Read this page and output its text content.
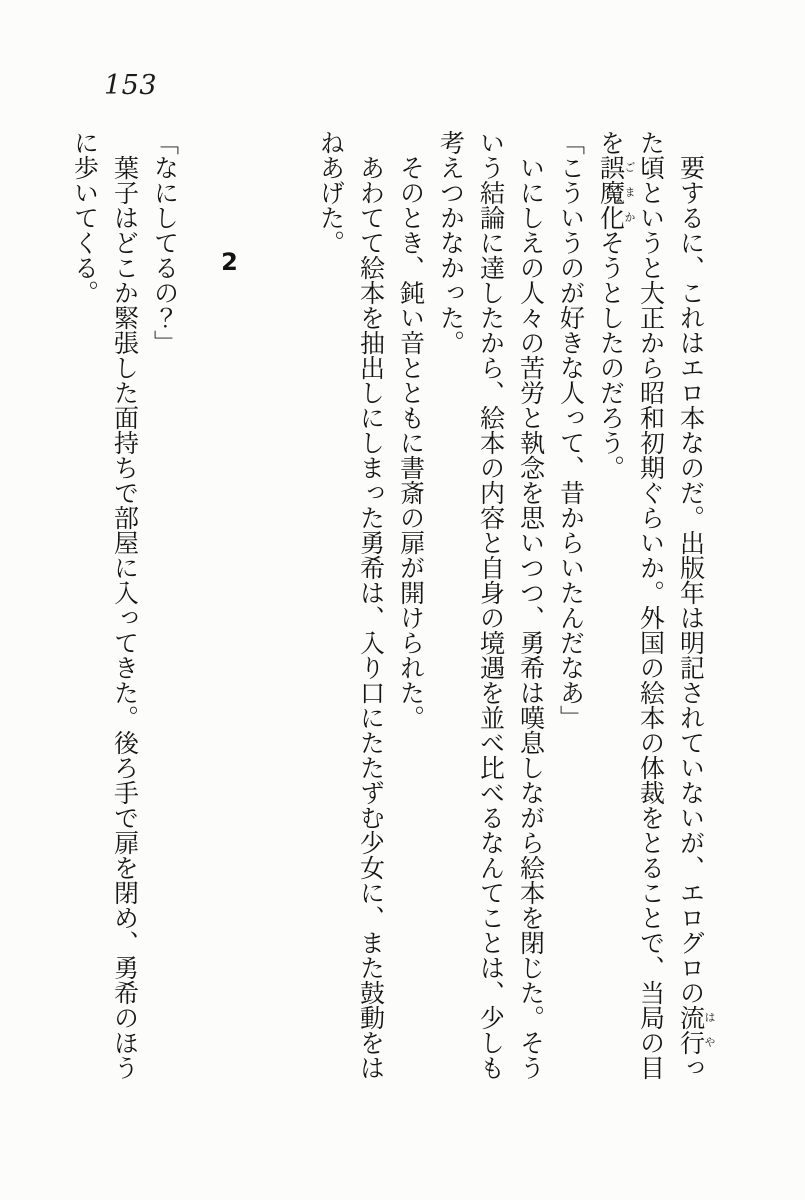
153

要するに、これはエロ本なのだ。出版年は明記されていないが、エログロの流行 はやった頃というと大正から昭和初期ぐらいか。外国の絵本の体裁をとることで、当局の目を誤魔化 ごまかそうとしたのだろう。

「こういうのが好きな人って、昔からいたんだなあ」

いにしえの人々の苦労と執念を思いつつ、勇希は嘆息しながら絵本を閉じた。そういう結論に達したから、絵本の内容と自身の境遇を並べ比べるなんてことは、少しも考えつかなかった。

そのとき、鈍い音とともに書斎の扉が開けられた。

あわてて絵本を抽出しにしまった勇希は、入り口にたたずむ少女に、また鼓動をはねあげた。

2

「なにしてるの？」

葉子はどこか緊張した面持ちで部屋に入ってきた。後ろ手で扉を閉め、勇希のほうに歩いてくる。
